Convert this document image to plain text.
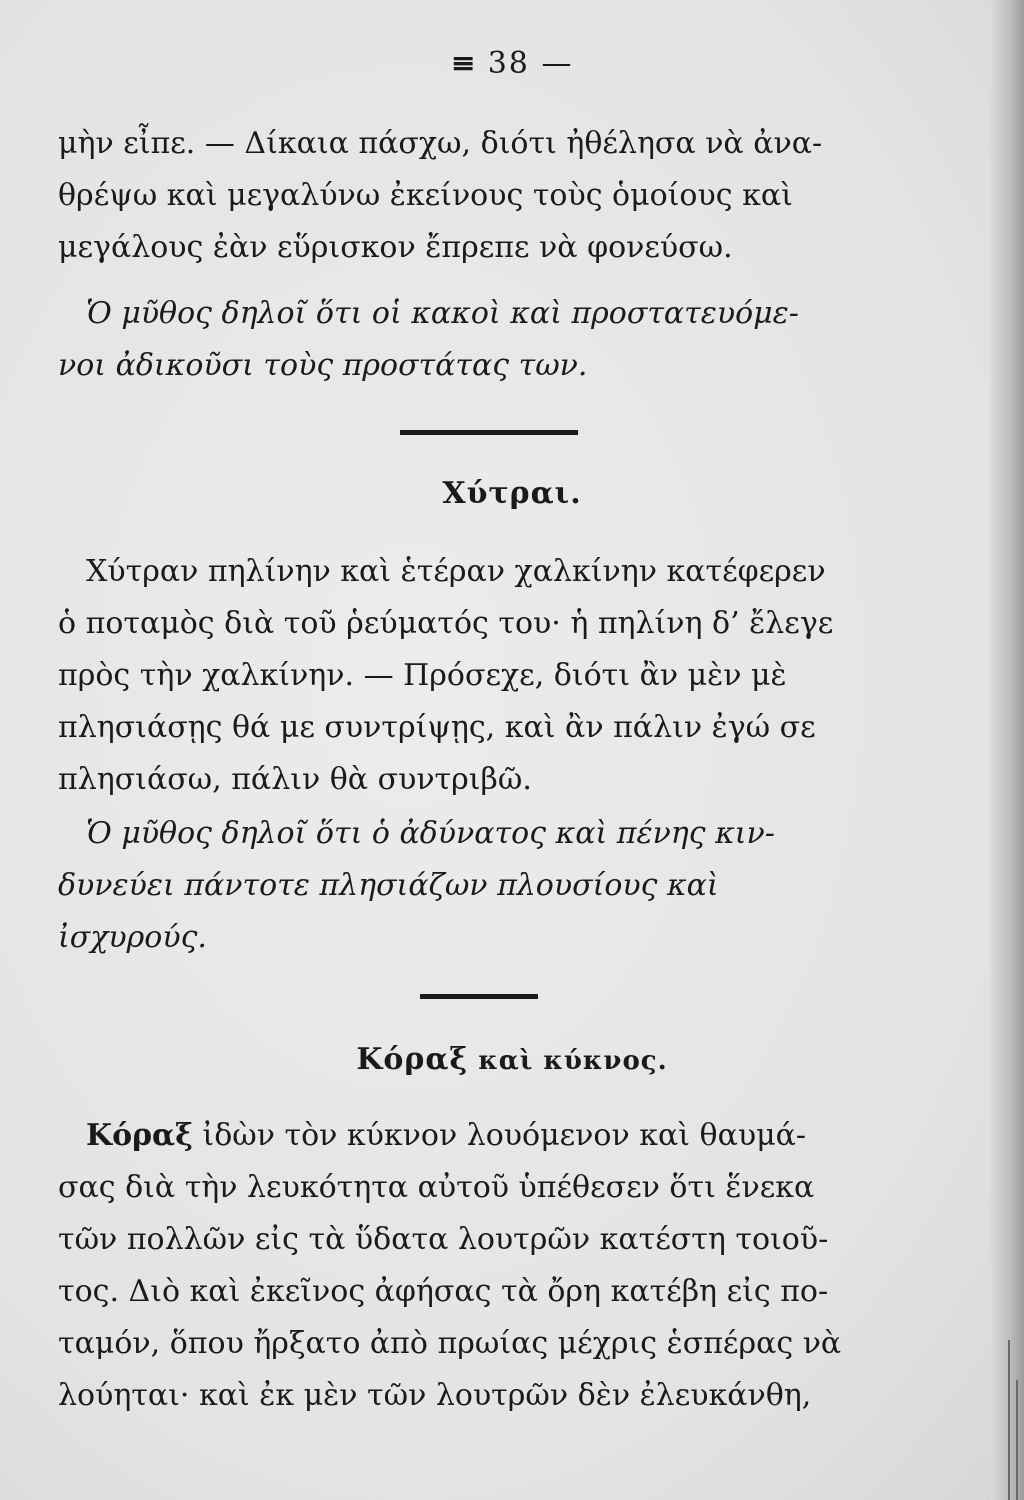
≡ 38 —
μὴν εἶπε. — Δίκαια πάσχω, διότι ἠθέλησα νὰ ἀνα-
θρέψω καὶ μεγαλύνω ἐκείνους τοὺς ὁμοίους καὶ
μεγάλους ἐὰν εὕρισκον ἔπρεπε νὰ φονεύσω.
Ὁ μῦθος δηλοῖ ὅτι οἱ κακοὶ καὶ προστατευόμε-
νοι ἀδικοῦσι τοὺς προστάτας των.
Χύτραι.
Χύτραν πηλίνην καὶ ἑτέραν χαλκίνην κατέφερεν
ὁ ποταμὸς διὰ τοῦ ῥεύματός του· ἡ πηλίνη δ’ ἔλεγε
πρὸς τὴν χαλκίνην. — Πρόσεχε, διότι ἂν μὲν μὲ
πλησιάσῃς θά με συντρίψῃς, καὶ ἂν πάλιν ἐγώ σε
πλησιάσω, πάλιν θὰ συντριβῶ.
Ὁ μῦθος δηλοῖ ὅτι ὁ ἀδύνατος καὶ πένης κιν-
δυνεύει πάντοτε πλησιάζων πλουσίους καὶ
ἰσχυρούς.
Κόραξ καὶ κύκνος.
Κόραξ ἰδὼν τὸν κύκνον λουόμενον καὶ θαυμά-
σας διὰ τὴν λευκότητα αὐτοῦ ὑπέθεσεν ὅτι ἕνεκα
τῶν πολλῶν εἰς τὰ ὕδατα λουτρῶν κατέστη τοιοῦ-
τος. Διὸ καὶ ἐκεῖνος ἀφήσας τὰ ὄρη κατέβη εἰς πο-
ταμόν, ὅπου ἤρξατο ἀπὸ πρωίας μέχρις ἑσπέρας νὰ
λούηται· καὶ ἐκ μὲν τῶν λουτρῶν δὲν ἐλευκάνθη,
